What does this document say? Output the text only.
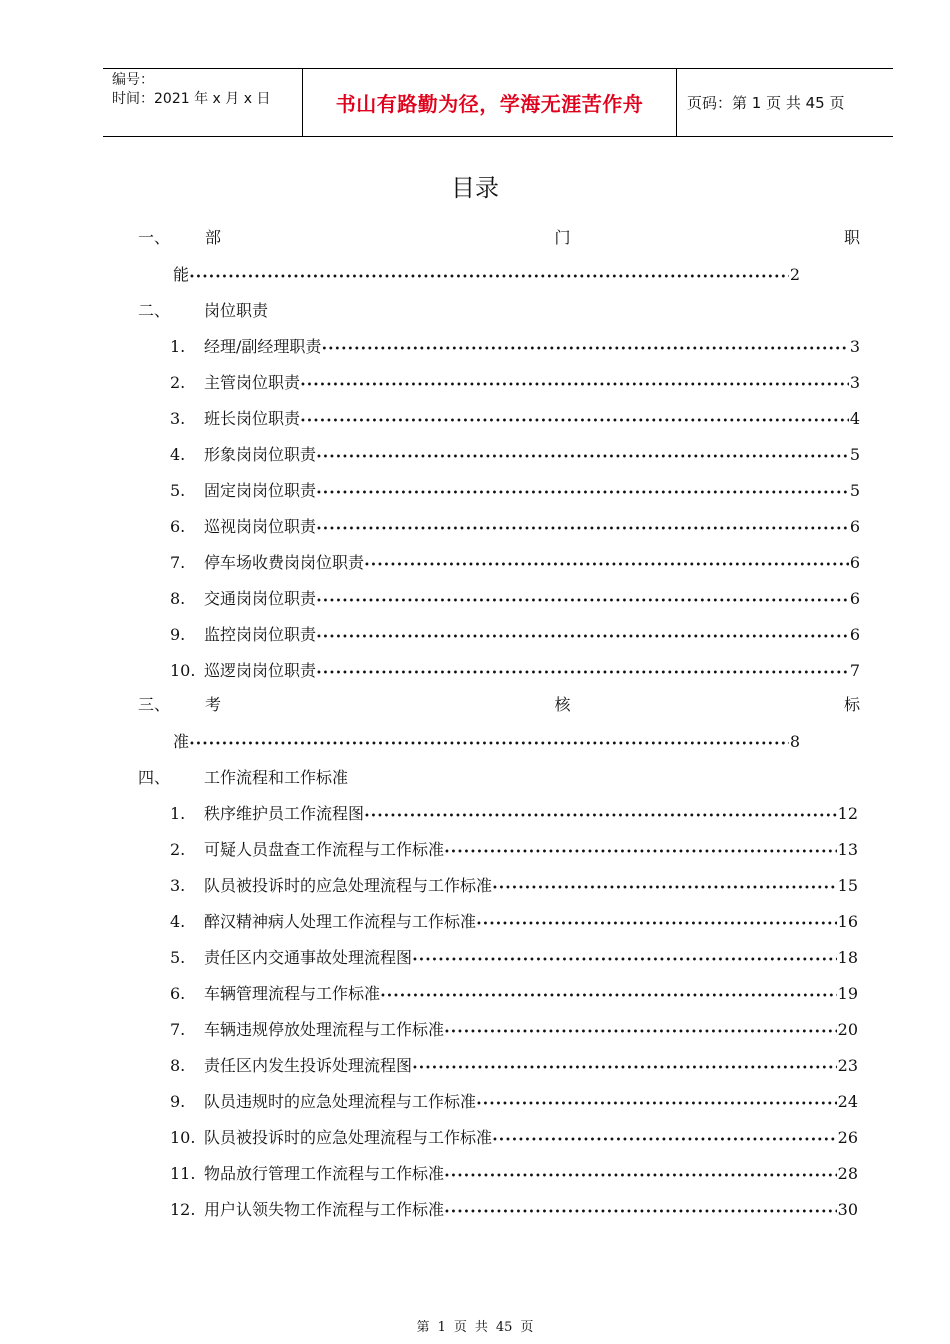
编号：
时间：2021 年 x 月 x 日	书山有路勤为径，学海无涯苦作舟	页码：第 1 页 共 45 页
目录
一、	部	门	职
能 •••••	2
二、	岗位职责
1.	经理/副经理职责 •••••	3
2.	主管岗位职责 •••••	3
3.	班长岗位职责 •••••	4
4.	形象岗岗位职责 •••••	5
5.	固定岗岗位职责 •••••	5
6.	巡视岗岗位职责 •••••	6
7.	停车场收费岗岗位职责 •••••	6
8.	交通岗岗位职责 •••••	6
9.	监控岗岗位职责 •••••	6
10. 巡逻岗岗位职责 •••••	7
三、	考	核	标
准 •••••	8
四、	工作流程和工作标准
1.	秩序维护员工作流程图 •••••	12
2.	可疑人员盘查工作流程与工作标准 •••••	13
3.	队员被投诉时的应急处理流程与工作标准 •••••	15
4.	醉汉精神病人处理工作流程与工作标准 •••••	16
5.	责任区内交通事故处理流程图 •••••	18
6.	车辆管理流程与工作标准 •••••	19
7.	车辆违规停放处理流程与工作标准 •••••	20
8.	责任区内发生投诉处理流程图 •••••	23
9.	队员违规时的应急处理流程与工作标准 •••••	24
10. 队员被投诉时的应急处理流程与工作标准 •••••	26
11. 物品放行管理工作流程与工作标准 •••••	28
12. 用户认领失物工作流程与工作标准 •••••	30
第 1 页 共 45 页
